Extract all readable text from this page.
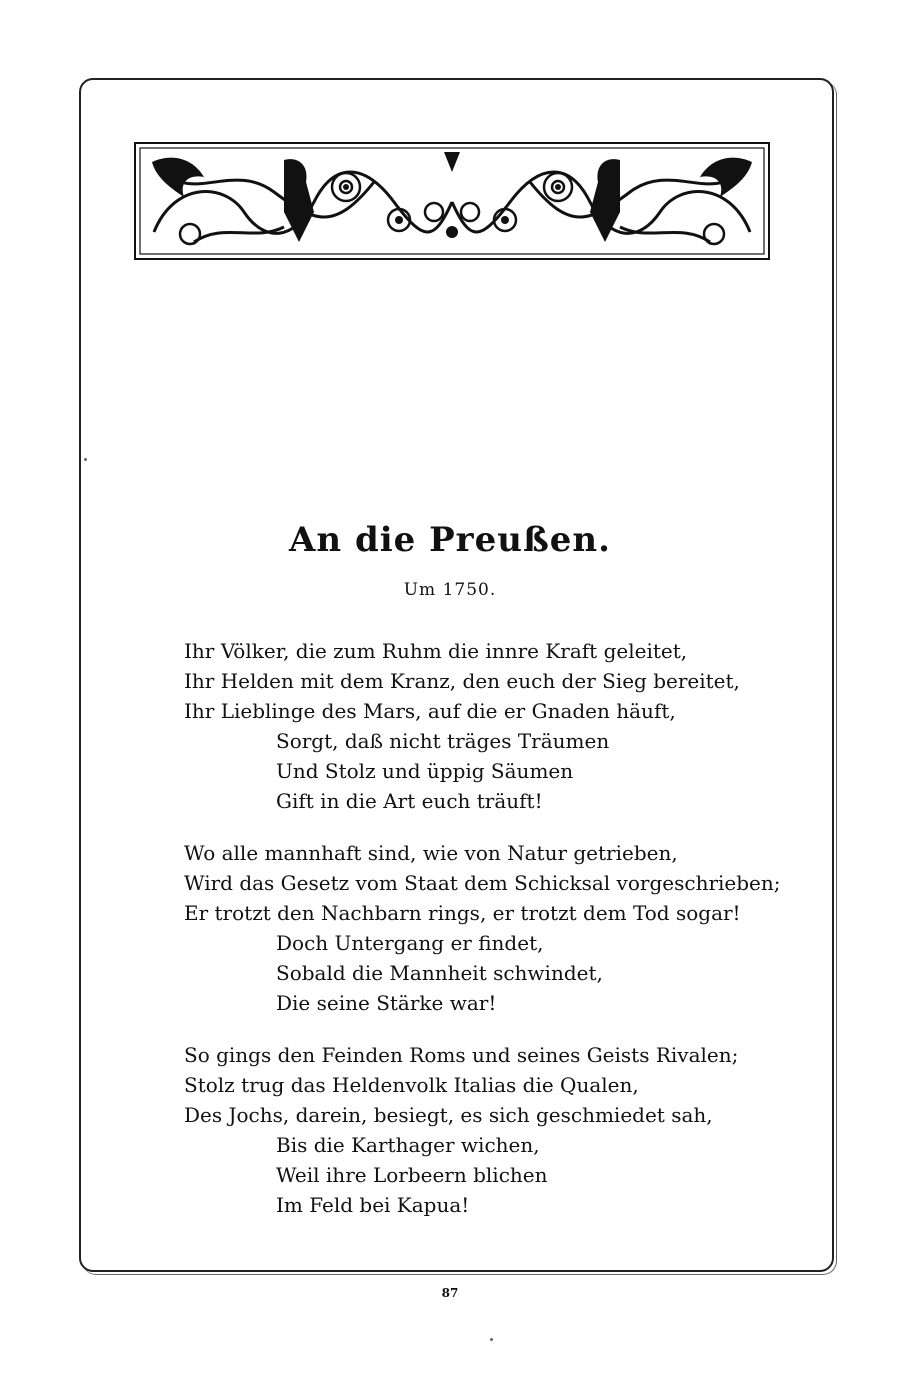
An die Preußen.
Um 1750.
Ihr Völker, die zum Ruhm die innre Kraft geleitet,
Ihr Helden mit dem Kranz, den euch der Sieg bereitet,
Ihr Lieblinge des Mars, auf die er Gnaden häuft,
Sorgt, daß nicht träges Träumen
Und Stolz und üppig Säumen
Gift in die Art euch träuft!
Wo alle mannhaft sind, wie von Natur getrieben,
Wird das Gesetz vom Staat dem Schicksal vorgeschrieben;
Er trotzt den Nachbarn rings, er trotzt dem Tod sogar!
Doch Untergang er findet,
Sobald die Mannheit schwindet,
Die seine Stärke war!
So gings den Feinden Roms und seines Geists Rivalen;
Stolz trug das Heldenvolk Italias die Qualen,
Des Jochs, darein, besiegt, es sich geschmiedet sah,
Bis die Karthager wichen,
Weil ihre Lorbeern blichen
Im Feld bei Kapua!
87
